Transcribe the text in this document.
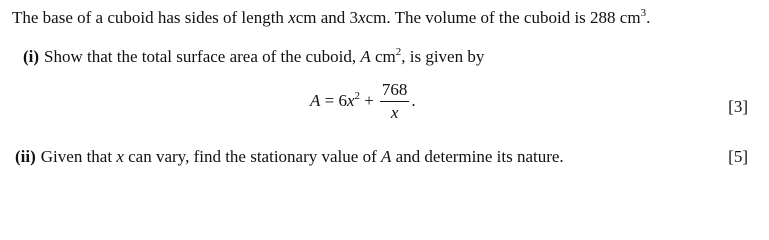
The base of a cuboid has sides of length xcm and 3xcm. The volume of the cuboid is 288 $cm^3$.
(i) Show that the total surface area of the cuboid, A $cm^2$, is given by
$A = 6x^2 + \frac{768}{x}$ .	[3]
(ii) Given that x can vary, find the stationary value of A and determine its nature.	[5]
